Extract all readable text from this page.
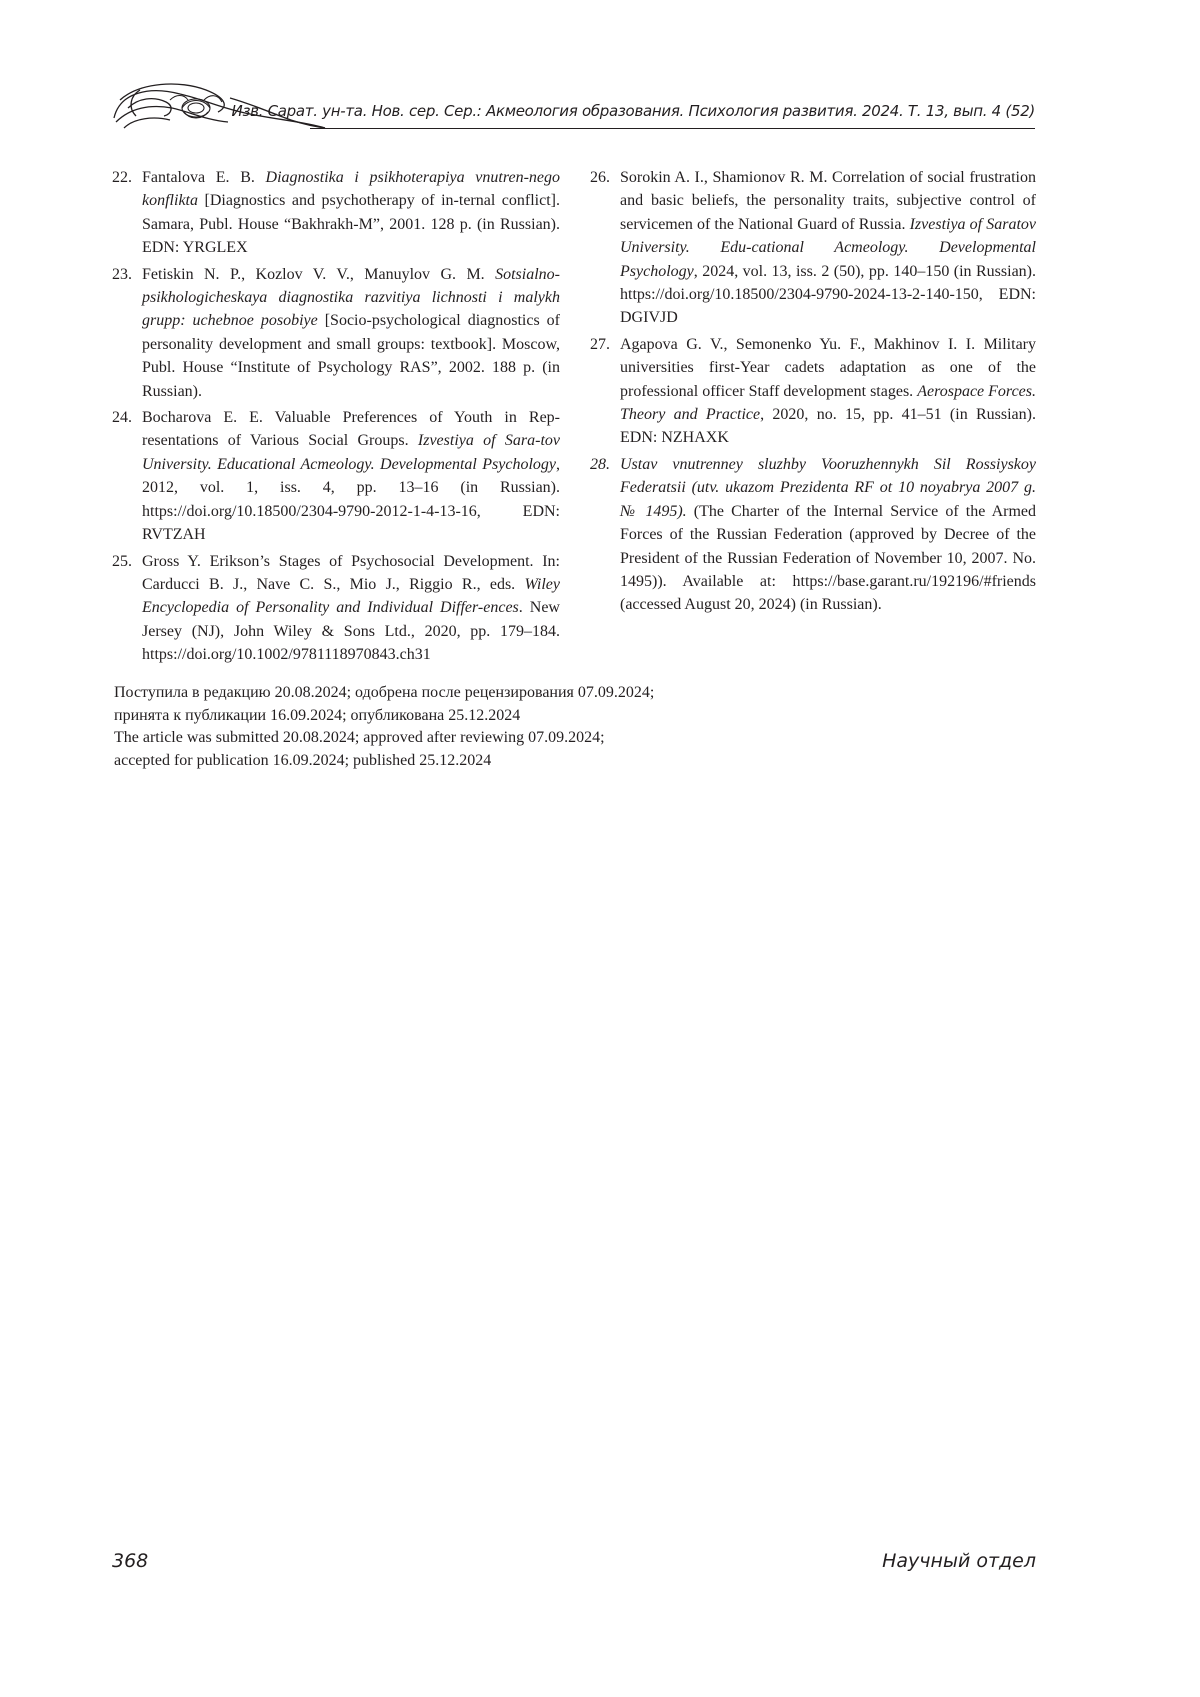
Изв. Сарат. ун-та. Нов. сер. Сер.: Акмеология образования. Психология развития. 2024. Т. 13, вып. 4 (52)
22. Fantalova E. B. Diagnostika i psikhoterapiya vnutren-nego konflikta [Diagnostics and psychotherapy of in-ternal conflict]. Samara, Publ. House “Bakhrakh-M”, 2001. 128 p. (in Russian). EDN: YRGLEX
23. Fetiskin N. P., Kozlov V. V., Manuylov G. M. Sotsialno-psikhologicheskaya diagnostika razvitiya lichnosti i malykh grupp: uchebnoe posobiye [Socio-psychological diagnostics of personality development and small groups: textbook]. Moscow, Publ. House “Institute of Psychology RAS”, 2002. 188 p. (in Russian).
24. Bocharova E. E. Valuable Preferences of Youth in Rep-resentations of Various Social Groups. Izvestiya of Sara-tov University. Educational Acmeology. Developmental Psychology, 2012, vol. 1, iss. 4, pp. 13–16 (in Russian). https://doi.org/10.18500/2304-9790-2012-1-4-13-16, EDN: RVTZAH
25. Gross Y. Erikson’s Stages of Psychosocial Development. In: Carducci B. J., Nave C. S., Mio J., Riggio R., eds. Wiley Encyclopedia of Personality and Individual Differ-ences. New Jersey (NJ), John Wiley & Sons Ltd., 2020, pp. 179–184. https://doi.org/10.1002/9781118970843.ch31
26. Sorokin A. I., Shamionov R. M. Correlation of social frustration and basic beliefs, the personality traits, subjective control of servicemen of the National Guard of Russia. Izvestiya of Saratov University. Edu-cational Acmeology. Developmental Psychology, 2024, vol. 13, iss. 2 (50), pp. 140–150 (in Russian). https://doi.org/10.18500/2304-9790-2024-13-2-140-150, EDN: DGIVJD
27. Agapova G. V., Semonenko Yu. F., Makhinov I. I. Military universities first-Year cadets adaptation as one of the professional officer Staff development stages. Aerospace Forces. Theory and Practice, 2020, no. 15, pp. 41–51 (in Russian). EDN: NZHAXK
28. Ustav vnutrenney sluzhby Vooruzhennykh Sil Rossiyskoy Federatsii (utv. ukazom Prezidenta RF ot 10 noyabrya 2007 g. № 1495). (The Charter of the Internal Service of the Armed Forces of the Russian Federation (approved by Decree of the President of the Russian Federation of November 10, 2007. No. 1495)). Available at: https://base.garant.ru/192196/#friends (accessed August 20, 2024) (in Russian).
Поступила в редакцию 20.08.2024; одобрена после рецензирования 07.09.2024;
принята к публикации 16.09.2024; опубликована 25.12.2024
The article was submitted 20.08.2024; approved after reviewing 07.09.2024;
accepted for publication 16.09.2024; published 25.12.2024
368	Научный отдел
